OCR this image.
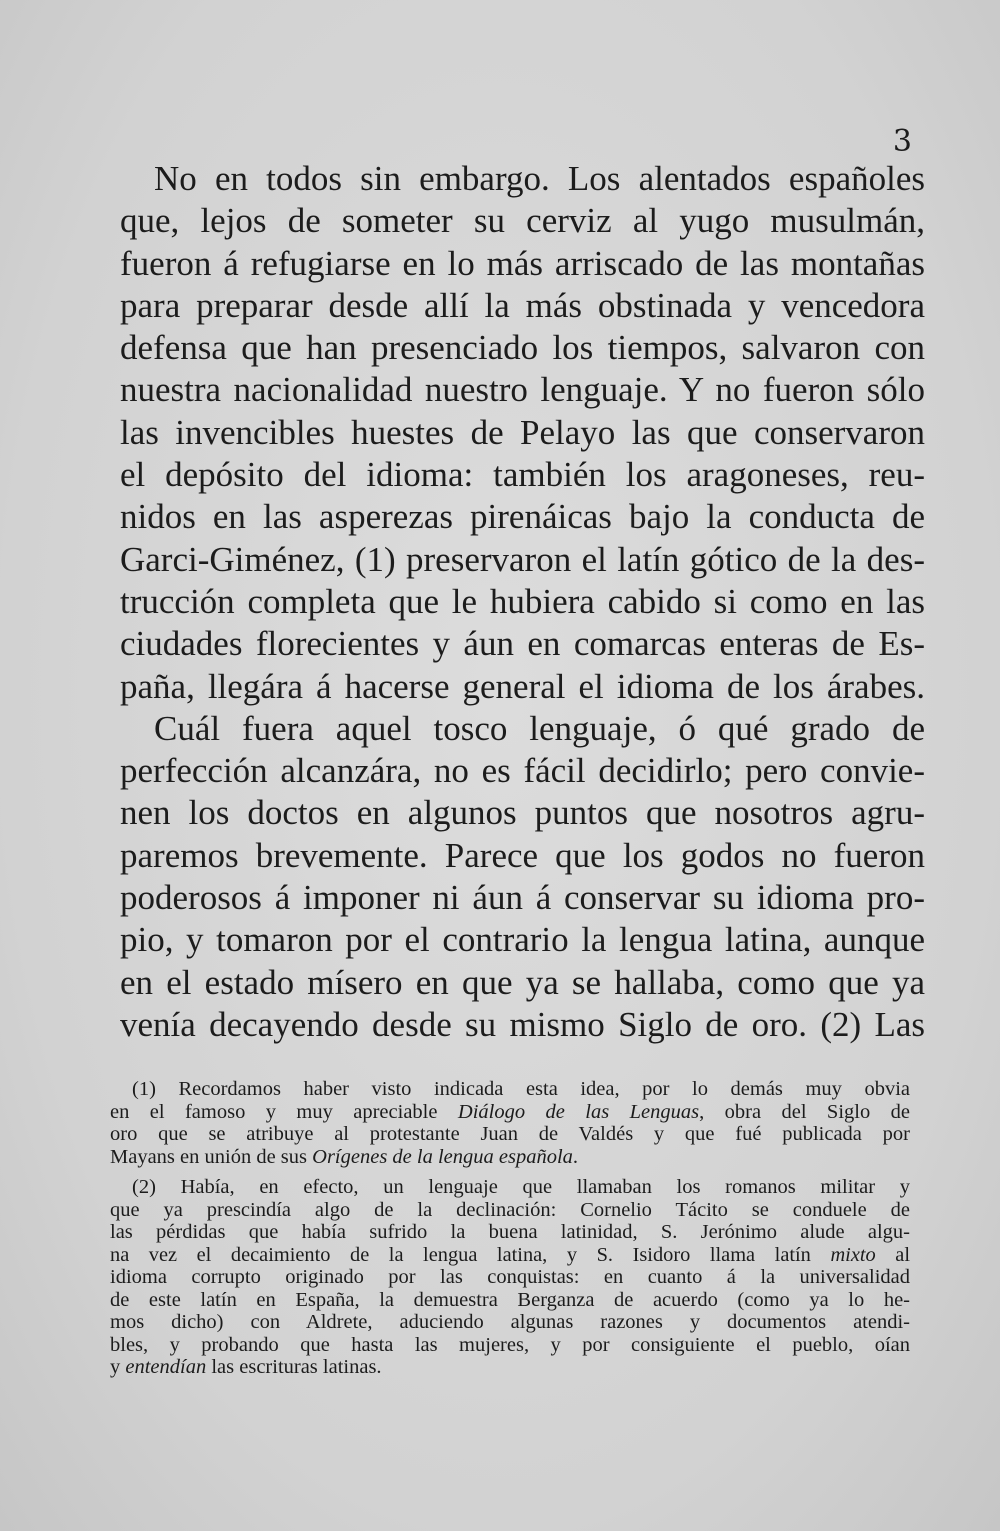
3
No en todos sin embargo. Los alentados españoles
que, lejos de someter su cerviz al yugo musulmán,
fueron á refugiarse en lo más arriscado de las montañas
para preparar desde allí la más obstinada y vencedora
defensa que han presenciado los tiempos, salvaron con
nuestra nacionalidad nuestro lenguaje. Y no fueron sólo
las invencibles huestes de Pelayo las que conservaron
el depósito del idioma: también los aragoneses, reu-
nidos en las asperezas pirenáicas bajo la conducta de
Garci-Giménez, (1) preservaron el latín gótico de la des-
trucción completa que le hubiera cabido si como en las
ciudades florecientes y áun en comarcas enteras de Es-
paña, llegára á hacerse general el idioma de los árabes.
Cuál fuera aquel tosco lenguaje, ó qué grado de
perfección alcanzára, no es fácil decidirlo; pero convie-
nen los doctos en algunos puntos que nosotros agru-
paremos brevemente. Parece que los godos no fueron
poderosos á imponer ni áun á conservar su idioma pro-
pio, y tomaron por el contrario la lengua latina, aunque
en el estado mísero en que ya se hallaba, como que ya
venía decayendo desde su mismo Siglo de oro. (2) Las
(1) Recordamos haber visto indicada esta idea, por lo demás muy obvia
en el famoso y muy apreciable Diálogo de las Lenguas, obra del Siglo de
oro que se atribuye al protestante Juan de Valdés y que fué publicada por
Mayans en unión de sus Orígenes de la lengua española.
(2) Había, en efecto, un lenguaje que llamaban los romanos militar y
que ya prescindía algo de la declinación: Cornelio Tácito se conduele de
las pérdidas que había sufrido la buena latinidad, S. Jerónimo alude algu-
na vez el decaimiento de la lengua latina, y S. Isidoro llama latín mixto al
idioma corrupto originado por las conquistas: en cuanto á la universalidad
de este latín en España, la demuestra Berganza de acuerdo (como ya lo he-
mos dicho) con Aldrete, aduciendo algunas razones y documentos atendi-
bles, y probando que hasta las mujeres, y por consiguiente el pueblo, oían
y entendían las escrituras latinas.
